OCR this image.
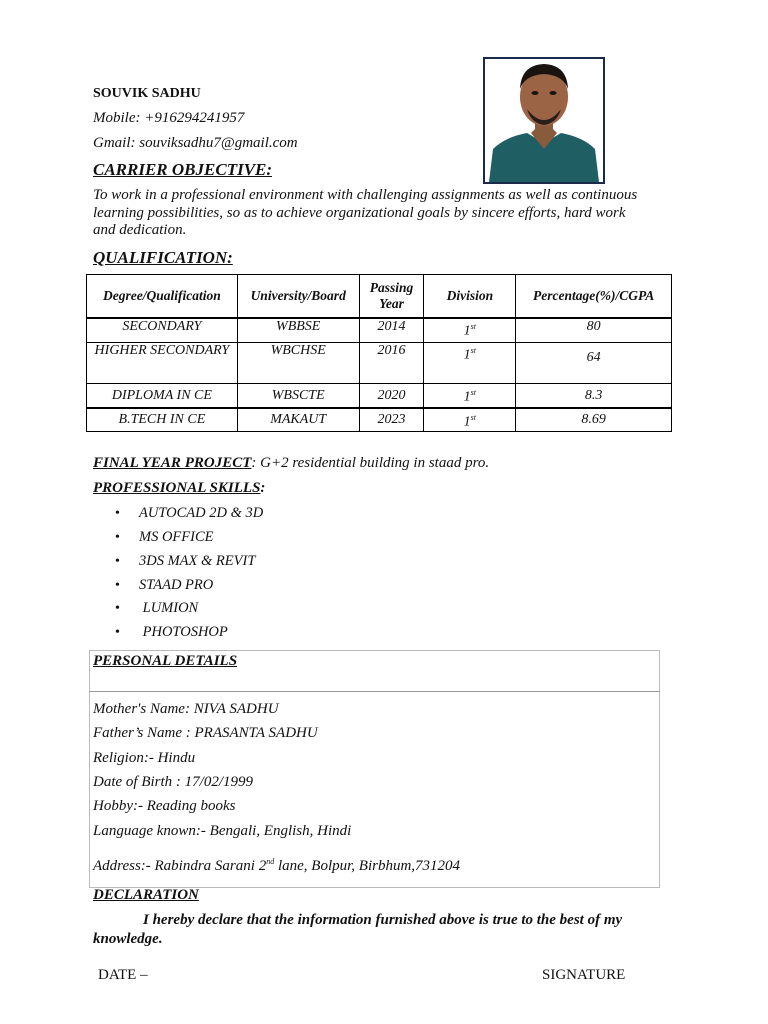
SOUVIK SADHU
Mobile: +916294241957
Gmail: souviksadhu7@gmail.com
CARRIER OBJECTIVE:
To work in a professional environment with challenging assignments as well as continuous learning possibilities, so as to achieve organizational goals by sincere efforts, hard work and dedication.
QUALIFICATION:
Degree/Qualification	University/Board	Passing Year	Division	Percentage(%)/CGPA
SECONDARY	WBBSE	2014	1st	80
HIGHER SECONDARY	WBCHSE	2016	1st	64
DIPLOMA IN CE	WBSCTE	2020	1st	8.3
B.TECH IN CE	MAKAUT	2023	1st	8.69
FINAL YEAR PROJECT: G+2 residential building in staad pro.
PROFESSIONAL SKILLS:
• AUTOCAD 2D & 3D
• MS OFFICE
• 3DS MAX & REVIT
• STAAD PRO
• LUMION
• PHOTOSHOP
PERSONAL DETAILS
Mother's Name: NIVA SADHU
Father’s Name : PRASANTA SADHU
Religion:- Hindu
Date of Birth : 17/02/1999
Hobby:- Reading books
Language known:- Bengali, English, Hindi
Address:- Rabindra Sarani 2nd lane, Bolpur, Birbhum,731204
DECLARATION
I hereby declare that the information furnished above is true to the best of my knowledge.
DATE –	SIGNATURE
